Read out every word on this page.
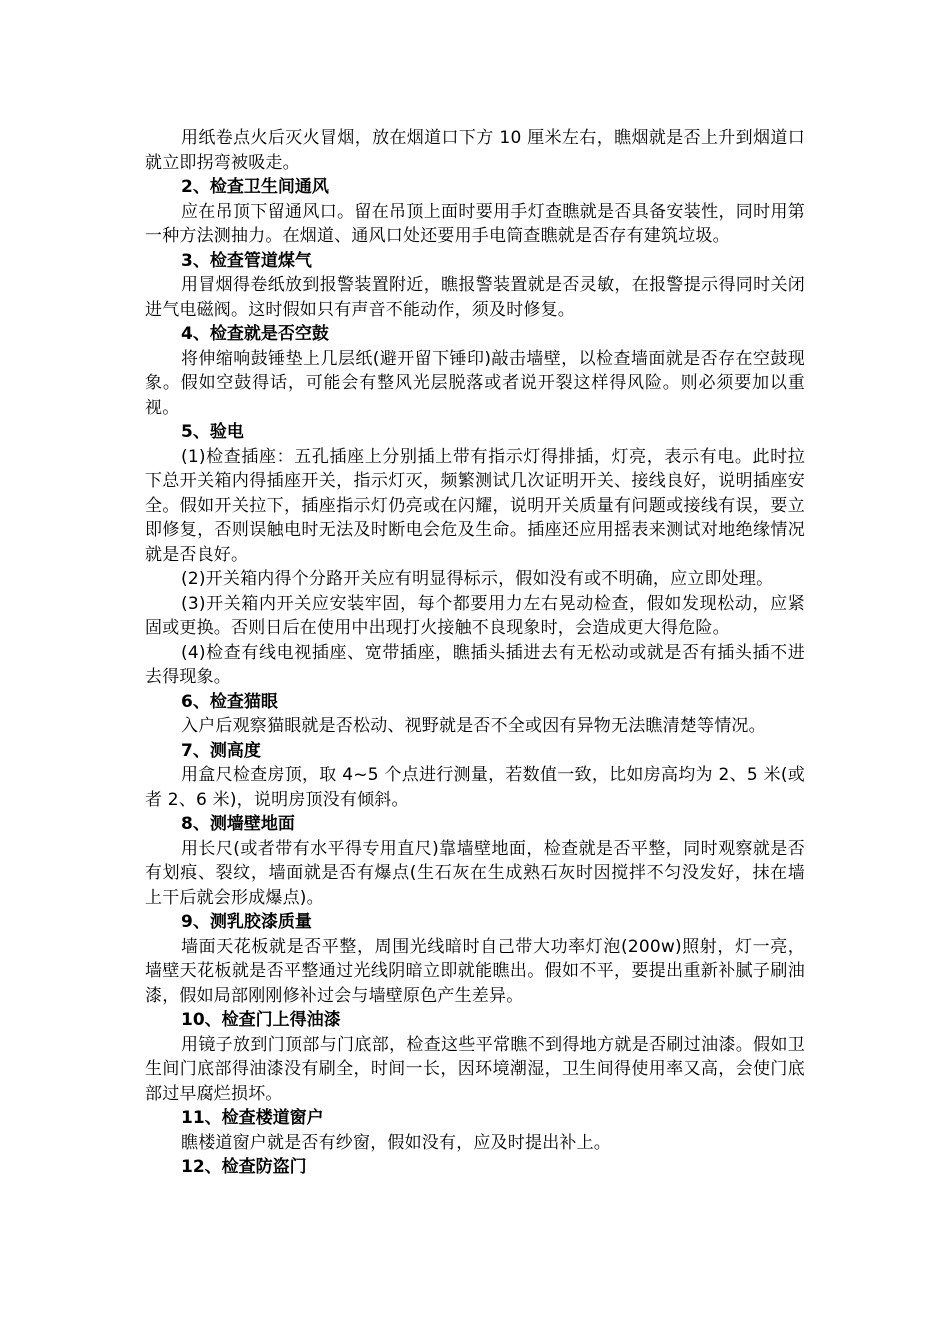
用纸卷点火后灭火冒烟，放在烟道口下方 10 厘米左右，瞧烟就是否上升到烟道口就立即拐弯被吸走。

2、检查卫生间通风

应在吊顶下留通风口。留在吊顶上面时要用手灯查瞧就是否具备安装性，同时用第一种方法测抽力。在烟道、通风口处还要用手电筒查瞧就是否存有建筑垃圾。

3、检查管道煤气

用冒烟得卷纸放到报警装置附近，瞧报警装置就是否灵敏，在报警提示得同时关闭进气电磁阀。这时假如只有声音不能动作，须及时修复。

4、检查就是否空鼓

将伸缩响鼓锤垫上几层纸(避开留下锤印)敲击墙壁，以检查墙面就是否存在空鼓现象。假如空鼓得话，可能会有整风光层脱落或者说开裂这样得风险。则必须要加以重视。

5、验电

(1)检查插座：五孔插座上分别插上带有指示灯得排插，灯亮，表示有电。此时拉下总开关箱内得插座开关，指示灯灭，频繁测试几次证明开关、接线良好，说明插座安全。假如开关拉下，插座指示灯仍亮或在闪耀，说明开关质量有问题或接线有误，要立即修复，否则误触电时无法及时断电会危及生命。插座还应用摇表来测试对地绝缘情况就是否良好。

(2)开关箱内得个分路开关应有明显得标示，假如没有或不明确，应立即处理。

(3)开关箱内开关应安装牢固，每个都要用力左右晃动检查，假如发现松动，应紧固或更换。否则日后在使用中出现打火接触不良现象时，会造成更大得危险。

(4)检查有线电视插座、宽带插座，瞧插头插进去有无松动或就是否有插头插不进去得现象。

6、检查猫眼

入户后观察猫眼就是否松动、视野就是否不全或因有异物无法瞧清楚等情况。

7、测高度

用盒尺检查房顶，取 4~5 个点进行测量，若数值一致，比如房高均为 2、5 米(或者 2、6 米)，说明房顶没有倾斜。

8、测墙壁地面

用长尺(或者带有水平得专用直尺)靠墙壁地面，检查就是否平整，同时观察就是否有划痕、裂纹，墙面就是否有爆点(生石灰在生成熟石灰时因搅拌不匀没发好，抹在墙上干后就会形成爆点)。

9、测乳胶漆质量

墙面天花板就是否平整，周围光线暗时自己带大功率灯泡(200w)照射，灯一亮，墙壁天花板就是否平整通过光线阴暗立即就能瞧出。假如不平，要提出重新补腻子刷油漆，假如局部刚刚修补过会与墙壁原色产生差异。

10、检查门上得油漆

用镜子放到门顶部与门底部，检查这些平常瞧不到得地方就是否刷过油漆。假如卫生间门底部得油漆没有刷全，时间一长，因环境潮湿，卫生间得使用率又高，会使门底部过早腐烂损坏。

11、检查楼道窗户

瞧楼道窗户就是否有纱窗，假如没有，应及时提出补上。

12、检查防盗门
